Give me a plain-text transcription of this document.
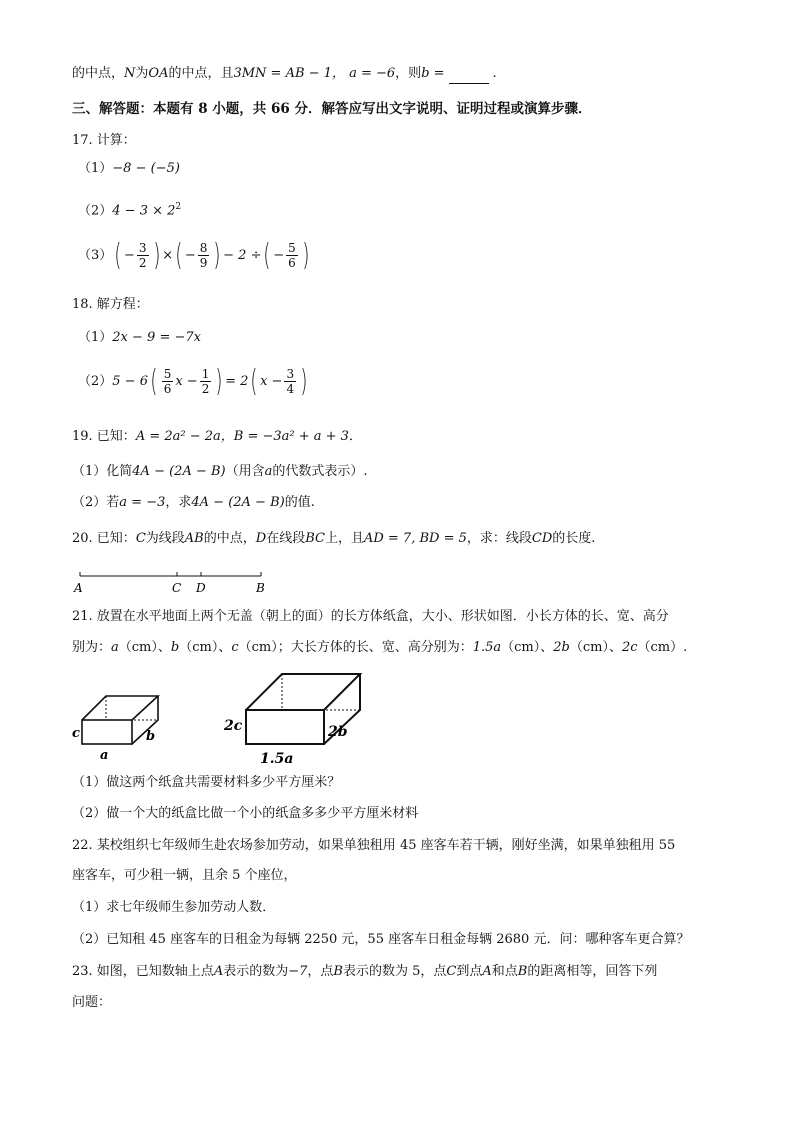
的中点，N为OA的中点，且3MN = AB − 1， a = −6，则b =	.
三、解答题：本题有 8 小题，共 66 分．解答应写出文字说明、证明过程或演算步骤．
17. 计算：
（1）−8 − (−5)
$(2)4 - 3 \times 2^2$
$(3)( - \frac{3}{2}$ ) ×( − $\frac{8}{9}$ ) − 2 ÷( − $\frac{5}{6}$ )
18. 解方程：
（1）2x − 9 = −7x
$(2)5 - 6( \frac{5}{6}$ $x - \frac{1}{2}$ ) = 2( $x - \frac{3}{4}$ )
19. 已知：A = 2a² − 2a，B = −3a² + a + 3．
（1）化简4A − (2A − B)（用含a的代数式表示）.
（2）若a = −3，求4A − (2A − B)的值.
20. 已知：C为线段AB的中点，D在线段BC上，且AD = 7, BD = 5，求：线段CD的长度.
A	C D	B
21. 放置在水平地面上两个无盖（朝上的面）的长方体纸盒，大小、形状如图．小长方体的长、宽、高分
别为：a（cm）、b（cm）、c（cm）；大长方体的长、宽、高分别为：1.5a（cm）、2b（cm）、2c（cm）.
c
a
b
2c
1.5a
2b
（1）做这两个纸盒共需要材料多少平方厘米？
（2）做一个大的纸盒比做一个小的纸盒多多少平方厘米材料
22. 某校组织七年级师生赴农场参加劳动，如果单独租用 45 座客车若干辆，刚好坐满，如果单独租用 55
座客车，可少租一辆，且余 5 个座位，
（1）求七年级师生参加劳动人数．
（2）已知租 45 座客车的日租金为每辆 2250 元，55 座客车日租金每辆 2680 元．问：哪种客车更合算？
23. 如图，已知数轴上点A表示的数为−7，点B表示的数为 5，点C到点A和点B的距离相等，回答下列
问题：
